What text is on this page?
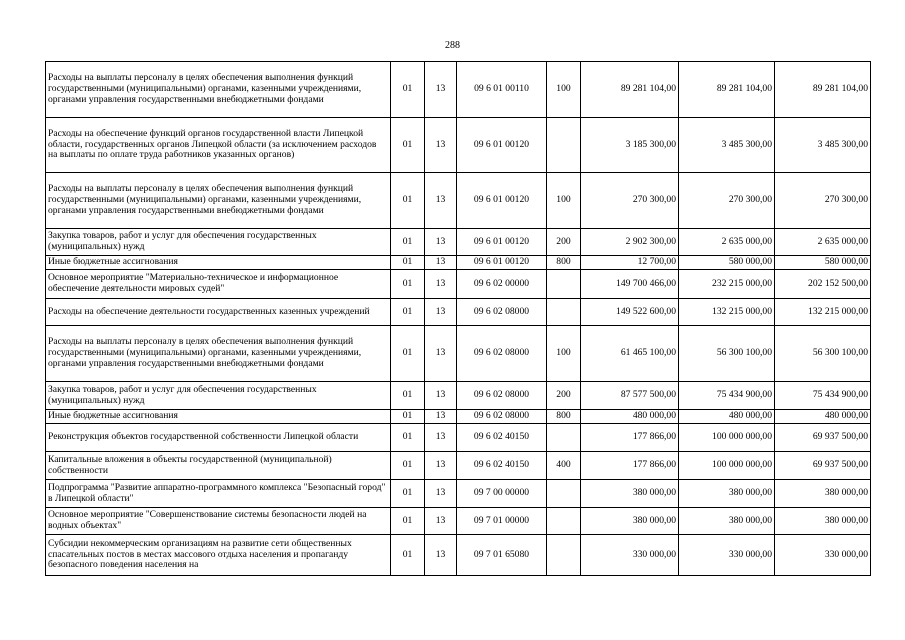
288
Расходы на выплаты персоналу в целях обеспечения выполнения функций государственными (муниципальными) органами, казенными учреждениями, органами управления государственными внебюджетными фондами	01	13	09 6 01 00110	100	89 281 104,00	89 281 104,00	89 281 104,00
Расходы на обеспечение функций органов государственной власти Липецкой области, государственных органов Липецкой области (за исключением расходов на выплаты по оплате труда работников указанных органов)	01	13	09 6 01 00120		3 185 300,00	3 485 300,00	3 485 300,00
Расходы на выплаты персоналу в целях обеспечения выполнения функций государственными (муниципальными) органами, казенными учреждениями, органами управления государственными внебюджетными фондами	01	13	09 6 01 00120	100	270 300,00	270 300,00	270 300,00
Закупка товаров, работ и услуг для обеспечения государственных (муниципальных) нужд	01	13	09 6 01 00120	200	2 902 300,00	2 635 000,00	2 635 000,00
Иные бюджетные ассигнования	01	13	09 6 01 00120	800	12 700,00	580 000,00	580 000,00
Основное мероприятие "Материально-техническое и информационное обеспечение деятельности мировых судей"	01	13	09 6 02 00000		149 700 466,00	232 215 000,00	202 152 500,00
Расходы на обеспечение деятельности государственных казенных учреждений	01	13	09 6 02 08000		149 522 600,00	132 215 000,00	132 215 000,00
Расходы на выплаты персоналу в целях обеспечения выполнения функций государственными (муниципальными) органами, казенными учреждениями, органами управления государственными внебюджетными фондами	01	13	09 6 02 08000	100	61 465 100,00	56 300 100,00	56 300 100,00
Закупка товаров, работ и услуг для обеспечения государственных (муниципальных) нужд	01	13	09 6 02 08000	200	87 577 500,00	75 434 900,00	75 434 900,00
Иные бюджетные ассигнования	01	13	09 6 02 08000	800	480 000,00	480 000,00	480 000,00
Реконструкция объектов государственной собственности Липецкой области	01	13	09 6 02 40150		177 866,00	100 000 000,00	69 937 500,00
Капитальные вложения в объекты государственной (муниципальной) собственности	01	13	09 6 02 40150	400	177 866,00	100 000 000,00	69 937 500,00
Подпрограмма "Развитие аппаратно-программного комплекса "Безопасный город" в Липецкой области"	01	13	09 7 00 00000		380 000,00	380 000,00	380 000,00
Основное мероприятие "Совершенствование системы безопасности людей на водных объектах"	01	13	09 7 01 00000		380 000,00	380 000,00	380 000,00
Субсидии некоммерческим организациям на развитие сети общественных спасательных постов в местах массового отдыха населения и пропаганду безопасного поведения населения на	01	13	09 7 01 65080		330 000,00	330 000,00	330 000,00
